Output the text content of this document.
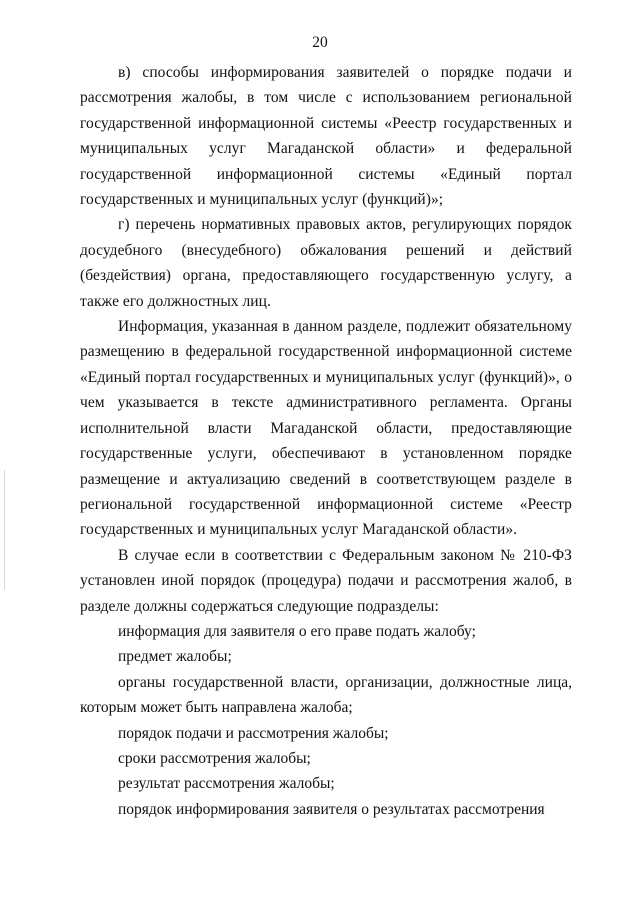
20

в) способы информирования заявителей о порядке подачи и рассмотрения жалобы, в том числе с использованием региональной государственной информационной системы «Реестр государственных и муниципальных услуг Магаданской области» и федеральной государственной информационной системы «Единый портал государственных и муниципальных услуг (функций)»;

г) перечень нормативных правовых актов, регулирующих порядок досудебного (внесудебного) обжалования решений и действий (бездействия) органа, предоставляющего государственную услугу, а также его должностных лиц.

Информация, указанная в данном разделе, подлежит обязательному размещению в федеральной государственной информационной системе «Единый портал государственных и муниципальных услуг (функций)», о чем указывается в тексте административного регламента. Органы исполнительной власти Магаданской области, предоставляющие государственные услуги, обеспечивают в установленном порядке размещение и актуализацию сведений в соответствующем разделе в региональной государственной информационной системе «Реестр государственных и муниципальных услуг Магаданской области».

В случае если в соответствии с Федеральным законом № 210-ФЗ установлен иной порядок (процедура) подачи и рассмотрения жалоб, в разделе должны содержаться следующие подразделы:

информация для заявителя о его праве подать жалобу;

предмет жалобы;

органы государственной власти, организации, должностные лица, которым может быть направлена жалоба;

порядок подачи и рассмотрения жалобы;

сроки рассмотрения жалобы;

результат рассмотрения жалобы;

порядок информирования заявителя о результатах рассмотрения
